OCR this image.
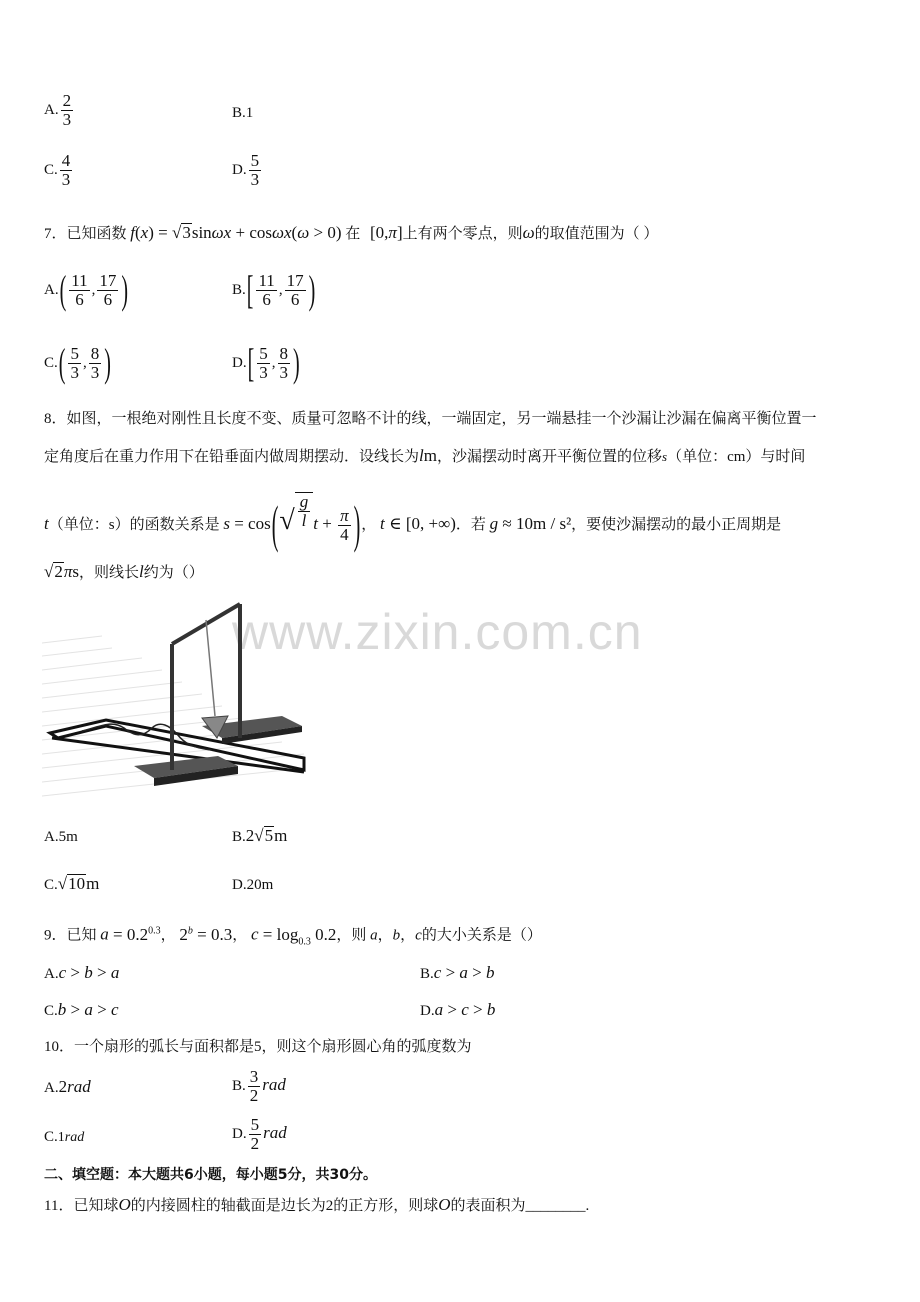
www.zixin.com.cn
A. $\frac{2}{3}$	B.1
C. $\frac{4}{3}$	D. $\frac{5}{3}$
7．已知函数 f(x) = √ 3 sinωx + cosωx(ω > 0) 在 [0,π]上有两个零点，则ω的取值范围为（ ）
$A.( \frac{11}{6}$ , $\frac{17}{6}$ )	$B.[ \frac{11}{6}$ , $\frac{17}{6}$ )
$C.( \frac{5}{3}$ , $\frac{8}{3}$ )	$D.[ \frac{5}{3}$ , $\frac{8}{3}$ )
8．如图，一根绝对刚性且长度不变、质量可忽略不计的线，一端固定，另一端悬挂一个沙漏让沙漏在偏离平衡位置一
定角度后在重力作用下在铅垂面内做周期摆动．设线长为lm，沙漏摆动时离开平衡位置的位移s（单位：cm）与时间
t（单位：s）的函数关系是 s = cos( √ $\frac{g}{l}$ $t + \frac{\pi}{4}$ )， t ∈ [0, +∞)．若 g ≈ 10m / s²，要使沙漏摆动的最小正周期是
√ 2 πs，则线长l约为（）
A.5m	B.2√ 5 m
C.√ 10 m	D.20m
9．已知 $a = 0.2^{0.3}$， $2^b = 0.3$， $c = \log_{0.3} 0.2$，则 a，b，c的大小关系是（）
A.c > b > a	B.c > a > b
C.b > a > c	D.a > c > b
10．一个扇形的弧长与面积都是5，则这个扇形圆心角的弧度数为
A.2rad	B. $\frac{3}{2}$ rad
C.1rad	D. $\frac{5}{2}$ rad
二、填空题：本大题共6小题，每小题5分，共30分。
11．已知球O的内接圆柱的轴截面是边长为2的正方形，则球O的表面积为________.
